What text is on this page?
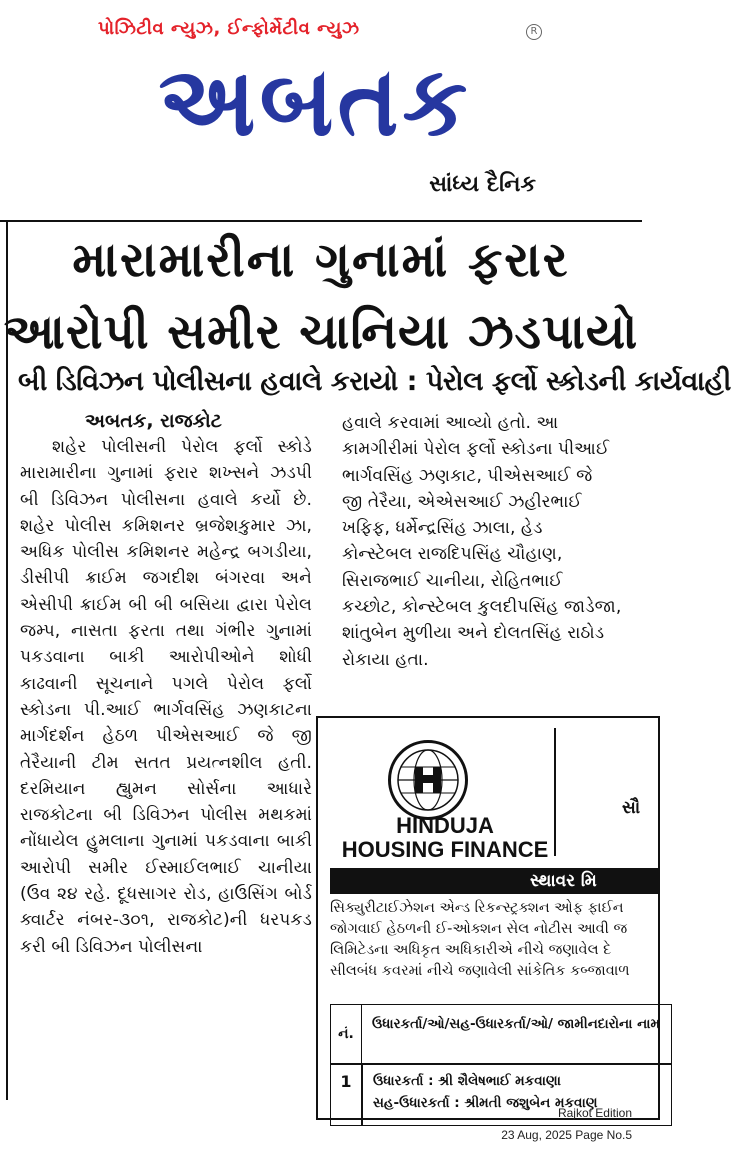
પોઝિટીવ ન્યુઝ, ઈન્ફોર્મેટીવ ન્યુઝ	R
અબતક
સાંધ્ય દૈનિક
મારામારીના ગુનામાં ફરાર
આરોપી સમીર ચાનિયા ઝડપાયો
બી ડિવિઝન પોલીસના હવાલે કરાયો : પેરોલ ફર્લો સ્કોડની કાર્યવાહી
અબતક, રાજકોટ

શહેર પોલીસની પેરોલ ફર્લો સ્કોડે મારામારીના ગુનામાં ફરાર શખ્સને ઝડપી બી ડિવિઝન પોલીસના હવાલે કર્યો છે. શહેર પોલીસ કમિશનર બ્રજેશકુમાર ઝા, અધિક પોલીસ કમિશનર મહેન્દ્ર બગડીયા, ડીસીપી ક્રાઈમ જગદીશ બંગરવા અને એસીપી ક્રાઈમ બી બી બસિયા દ્વારા પેરોલ જમ્પ, નાસતા ફરતા તથા ગંભીર ગુનામાં પકડવાના બાકી આરોપીઓને શોધી કાઢવાની સૂચનાને પગલે પેરોલ ફર્લો સ્કોડના પી.આઈ ભાર્ગવસિંહ ઝણકાટના માર્ગદર્શન હેઠળ પીએસઆઈ જે જી તેરૈયાની ટીમ સતત પ્રયત્નશીલ હતી. દરમિયાન હ્યુમન સોર્સના આધારે રાજકોટના બી ડિવિઝન પોલીસ મથકમાં નોંધાયેલ હુમલાના ગુનામાં પકડવાના બાકી આરોપી સમીર ઈસ્માઈલભાઈ ચાનીયા (ઉવ ૨૪ રહે. દૂધસાગર રોડ, હાઉસિંગ બોર્ડ ક્વાર્ટર નંબર-૩૦૧, રાજકોટ)ની ધરપકડ કરી બી ડિવિઝન પોલીસના

હવાલે કરવામાં આવ્યો હતો. આ
કામગીરીમાં પેરોલ ફર્લો સ્કોડના પીઆઈ
ભાર્ગવસિંહ ઝણકાટ, પીએસઆઈ જે
જી તેરૈયા, એએસઆઈ ઝહીરભાઈ
ખફિફ, ધર્મેન્દ્રસિંહ ઝાલા, હેડ
કોન્સ્ટેબલ રાજદિપસિંહ ચૌહાણ,
સિરાજભાઈ ચાનીયા, રોહિતભાઈ
કચ્છોટ, કોન્સ્ટેબલ કુલદીપસિંહ જાડેજા,
શાંતુબેન મુળીયા અને દોલતસિંહ રાઠોડ
રોકાયા હતા.
HINDUJA
HOUSING FINANCE
સૌ
સ્થાવર મિ
સિક્યુરીટાઈઝેશન એન્ડ રિકન્સ્ટ્રક્શન ઓફ ફાઈન
જોગવાઈ હેઠળની ઈ-ઓક્શન સેલ નોટીસ આવી જ
લિમિટેડના અધિકૃત અધિકારીએ નીચે જણાવેલ દે
સીલબંધ કવરમાં નીચે જણાવેલી સાંકેતિક કબ્જાવાળ
નં.
ઉધારકર્તા/ઓ/સહ-ઉધારકર્તા/ઓ/ જામીનદારોના નામ
1	ઉધારકર્તા : શ્રી શૈલેષભાઈ મકવાણા
સહ-ઉધારકર્તા : શ્રીમતી જશુબેન મકવાણ
Rajkot Edition
23 Aug, 2025 Page No.5
